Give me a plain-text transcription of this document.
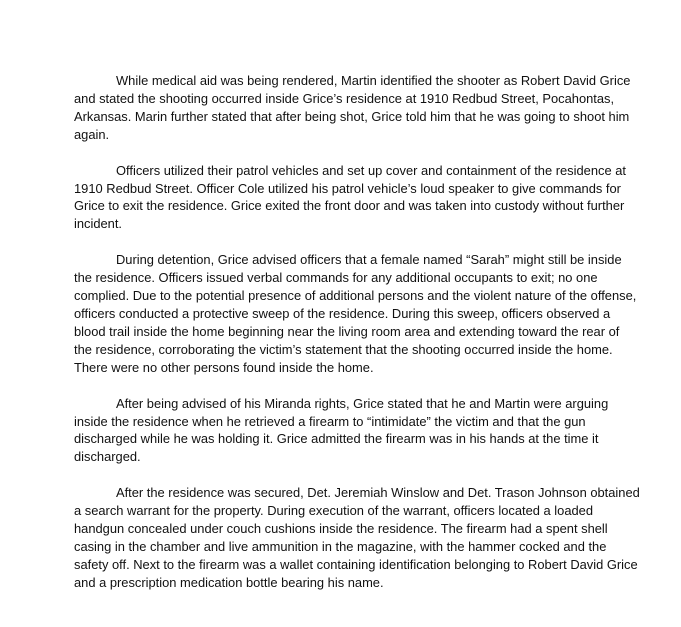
While medical aid was being rendered, Martin identified the shooter as Robert David Grice and stated the shooting occurred inside Grice’s residence at 1910 Redbud Street, Pocahontas, Arkansas. Marin further stated that after being shot, Grice told him that he was going to shoot him again.

Officers utilized their patrol vehicles and set up cover and containment of the residence at 1910 Redbud Street. Officer Cole utilized his patrol vehicle’s loud speaker to give commands for Grice to exit the residence. Grice exited the front door and was taken into custody without further incident.

During detention, Grice advised officers that a female named “Sarah” might still be inside the residence. Officers issued verbal commands for any additional occupants to exit; no one complied. Due to the potential presence of additional persons and the violent nature of the offense, officers conducted a protective sweep of the residence. During this sweep, officers observed a blood trail inside the home beginning near the living room area and extending toward the rear of the residence, corroborating the victim’s statement that the shooting occurred inside the home. There were no other persons found inside the home.

After being advised of his Miranda rights, Grice stated that he and Martin were arguing inside the residence when he retrieved a firearm to “intimidate” the victim and that the gun discharged while he was holding it. Grice admitted the firearm was in his hands at the time it discharged.

After the residence was secured, Det. Jeremiah Winslow and Det. Trason Johnson obtained a search warrant for the property. During execution of the warrant, officers located a loaded handgun concealed under couch cushions inside the residence. The firearm had a spent shell casing in the chamber and live ammunition in the magazine, with the hammer cocked and the safety off. Next to the firearm was a wallet containing identification belonging to Robert David Grice and a prescription medication bottle bearing his name.
